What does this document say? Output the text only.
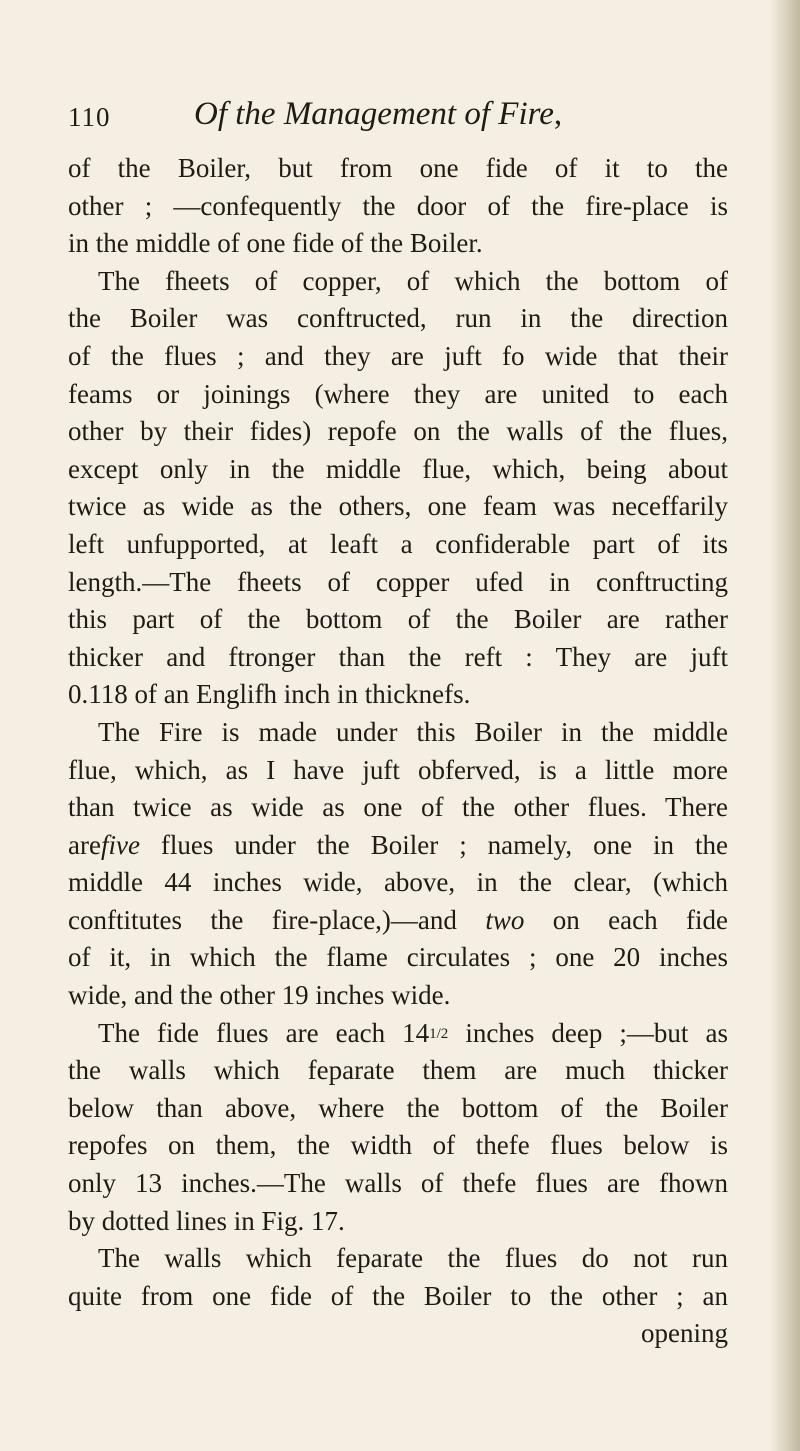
110	Of the Management of Fire,
of the Boiler, but from one fide of it to the
other ; —confequently the door of the fire-place is
in the middle of one fide of the Boiler.
The fheets of copper, of which the bottom of
the Boiler was conftructed, run in the direction
of the flues ; and they are juft fo wide that their
feams or joinings (where they are united to each
other by their fides) repofe on the walls of the flues,
except only in the middle flue, which, being about
twice as wide as the others, one feam was neceffarily
left unfupported, at leaft a confiderable part of its
length.—The fheets of copper ufed in conftructing
this part of the bottom of the Boiler are rather
thicker and ftronger than the reft : They are juft
0.118 of an Englifh inch in thicknefs.
The Fire is made under this Boiler in the middle
flue, which, as I have juft obferved, is a little more
than twice as wide as one of the other flues. There
arefive flues under the Boiler ; namely, one in the
middle 44 inches wide, above, in the clear, (which
conftitutes the fire-place,)—and two on each fide
of it, in which the flame circulates ; one 20 inches
wide, and the other 19 inches wide.
The fide flues are each 141/2 inches deep ;—but as
the walls which feparate them are much thicker
below than above, where the bottom of the Boiler
repofes on them, the width of thefe flues below is
only 13 inches.—The walls of thefe flues are fhown
by dotted lines in Fig. 17.
The walls which feparate the flues do not run
quite from one fide of the Boiler to the other ; an
opening
